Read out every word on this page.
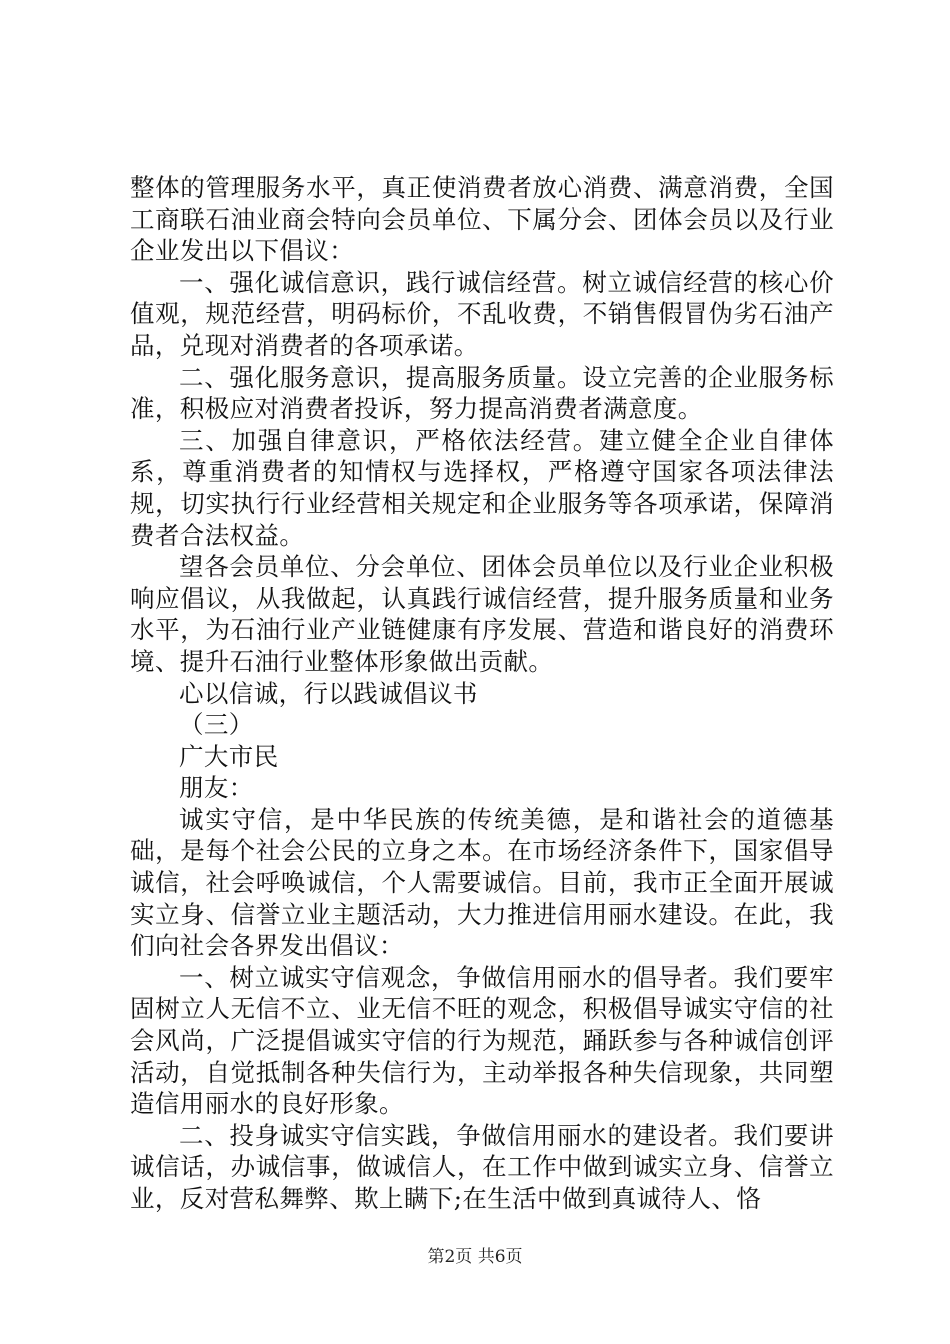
整体的管理服务水平，真正使消费者放心消费、满意消费，全国工商联石油业商会特向会员单位、下属分会、团体会员以及行业企业发出以下倡议：

一、强化诚信意识，践行诚信经营。树立诚信经营的核心价值观，规范经营，明码标价，不乱收费，不销售假冒伪劣石油产品，兑现对消费者的各项承诺。

二、强化服务意识，提高服务质量。设立完善的企业服务标准，积极应对消费者投诉，努力提高消费者满意度。

三、加强自律意识，严格依法经营。建立健全企业自律体系，尊重消费者的知情权与选择权，严格遵守国家各项法律法规，切实执行行业经营相关规定和企业服务等各项承诺，保障消费者合法权益。

望各会员单位、分会单位、团体会员单位以及行业企业积极响应倡议，从我做起，认真践行诚信经营，提升服务质量和业务水平，为石油行业产业链健康有序发展、营造和谐良好的消费环境、提升石油行业整体形象做出贡献。

心以信诚，行以践诚倡议书

（三）

广大市民

朋友：

诚实守信，是中华民族的传统美德，是和谐社会的道德基础，是每个社会公民的立身之本。在市场经济条件下，国家倡导诚信，社会呼唤诚信，个人需要诚信。目前，我市正全面开展诚实立身、信誉立业主题活动，大力推进信用丽水建设。在此，我们向社会各界发出倡议：

一、树立诚实守信观念，争做信用丽水的倡导者。我们要牢固树立人无信不立、业无信不旺的观念，积极倡导诚实守信的社会风尚，广泛提倡诚实守信的行为规范，踊跃参与各种诚信创评活动，自觉抵制各种失信行为，主动举报各种失信现象，共同塑造信用丽水的良好形象。

二、投身诚实守信实践，争做信用丽水的建设者。我们要讲诚信话，办诚信事，做诚信人，在工作中做到诚实立身、信誉立业，反对营私舞弊、欺上瞒下;在生活中做到真诚待人、恪

第2页 共6页
